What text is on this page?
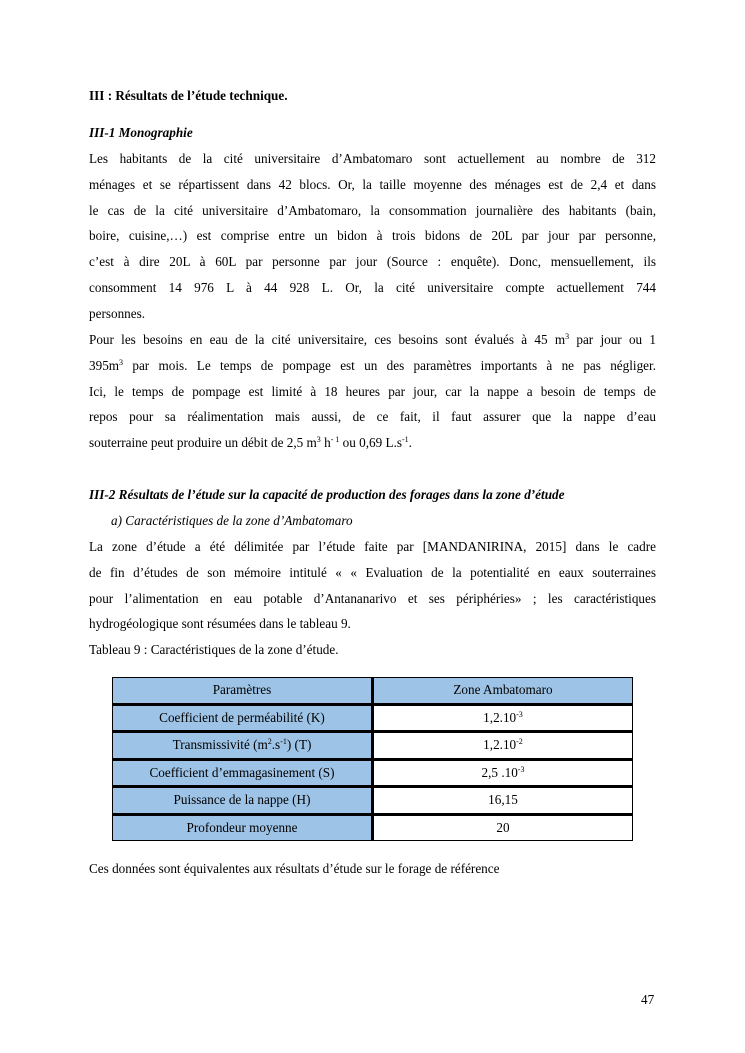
III : Résultats de l’étude technique.
III-1 Monographie
Les habitants de la cité universitaire d’Ambatomaro sont actuellement au nombre de 312
ménages et se répartissent dans 42 blocs. Or, la taille moyenne des ménages est de 2,4 et dans
le cas de la cité universitaire d’Ambatomaro, la consommation journalière des habitants (bain,
boire, cuisine,…) est comprise entre un bidon à trois bidons de 20L par jour par personne,
c’est à dire 20L à 60L par personne par jour (Source : enquête). Donc, mensuellement, ils
consomment 14 976 L à 44 928 L. Or, la cité universitaire compte actuellement 744
personnes.
Pour les besoins en eau de la cité universitaire, ces besoins sont évalués à 45 $m^3$ par jour ou 1
$395m^3$ par mois. Le temps de pompage est un des paramètres importants à ne pas négliger.
Ici, le temps de pompage est limité à 18 heures par jour, car la nappe a besoin de temps de
repos pour sa réalimentation mais aussi, de ce fait, il faut assurer que la nappe d’eau
souterraine peut produire un débit de 2,5 $m^3$ $h^{- 1}$ ou 0,69 $L.s^{-1}$.
III-2 Résultats de l’étude sur la capacité de production des forages dans la zone d’étude
a) Caractéristiques de la zone d’Ambatomaro
La zone d’étude a été délimitée par l’étude faite par [MANDANIRINA, 2015] dans le cadre
de fin d’études de son mémoire intitulé « « Evaluation de la potentialité en eaux souterraines
pour l’alimentation en eau potable d’Antananarivo et ses périphéries» ; les caractéristiques
hydrogéologique sont résumées dans le tableau 9.
Tableau 9 : Caractéristiques de la zone d’étude.
Paramètres	Zone Ambatomaro
Coefficient de perméabilité (K)	$1,2.10^{-3}$
Transmissivité $(m^2.s^{-1})$ (T)	$1,2.10^{-2}$
Coefficient d’emmagasinement (S)	2,5 $.10^{-3}$
Puissance de la nappe (H)	16,15
Profondeur moyenne	20
Ces données sont équivalentes aux résultats d’étude sur le forage de référence
47
